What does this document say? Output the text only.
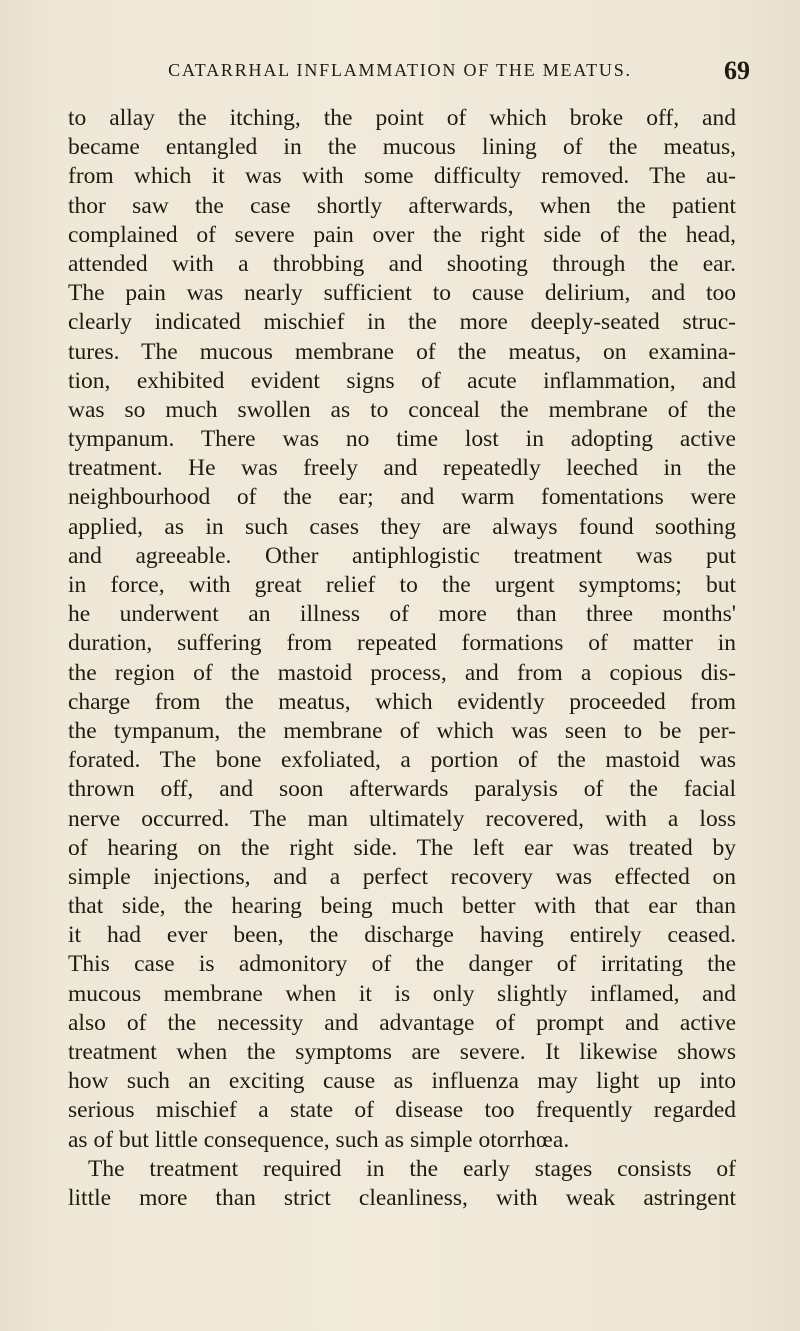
CATARRHAL INFLAMMATION OF THE MEATUS.	69
to allay the itching, the point of which broke off, and
became entangled in the mucous lining of the meatus,
from which it was with some difficulty removed. The au-
thor saw the case shortly afterwards, when the patient
complained of severe pain over the right side of the head,
attended with a throbbing and shooting through the ear.
The pain was nearly sufficient to cause delirium, and too
clearly indicated mischief in the more deeply-seated struc-
tures. The mucous membrane of the meatus, on examina-
tion, exhibited evident signs of acute inflammation, and
was so much swollen as to conceal the membrane of the
tympanum. There was no time lost in adopting active
treatment. He was freely and repeatedly leeched in the
neighbourhood of the ear; and warm fomentations were
applied, as in such cases they are always found soothing
and agreeable. Other antiphlogistic treatment was put
in force, with great relief to the urgent symptoms; but
he underwent an illness of more than three months'
duration, suffering from repeated formations of matter in
the region of the mastoid process, and from a copious dis-
charge from the meatus, which evidently proceeded from
the tympanum, the membrane of which was seen to be per-
forated. The bone exfoliated, a portion of the mastoid was
thrown off, and soon afterwards paralysis of the facial
nerve occurred. The man ultimately recovered, with a loss
of hearing on the right side. The left ear was treated by
simple injections, and a perfect recovery was effected on
that side, the hearing being much better with that ear than
it had ever been, the discharge having entirely ceased.
This case is admonitory of the danger of irritating the
mucous membrane when it is only slightly inflamed, and
also of the necessity and advantage of prompt and active
treatment when the symptoms are severe. It likewise shows
how such an exciting cause as influenza may light up into
serious mischief a state of disease too frequently regarded
as of but little consequence, such as simple otorrhœa.
The treatment required in the early stages consists of
little more than strict cleanliness, with weak astringent
